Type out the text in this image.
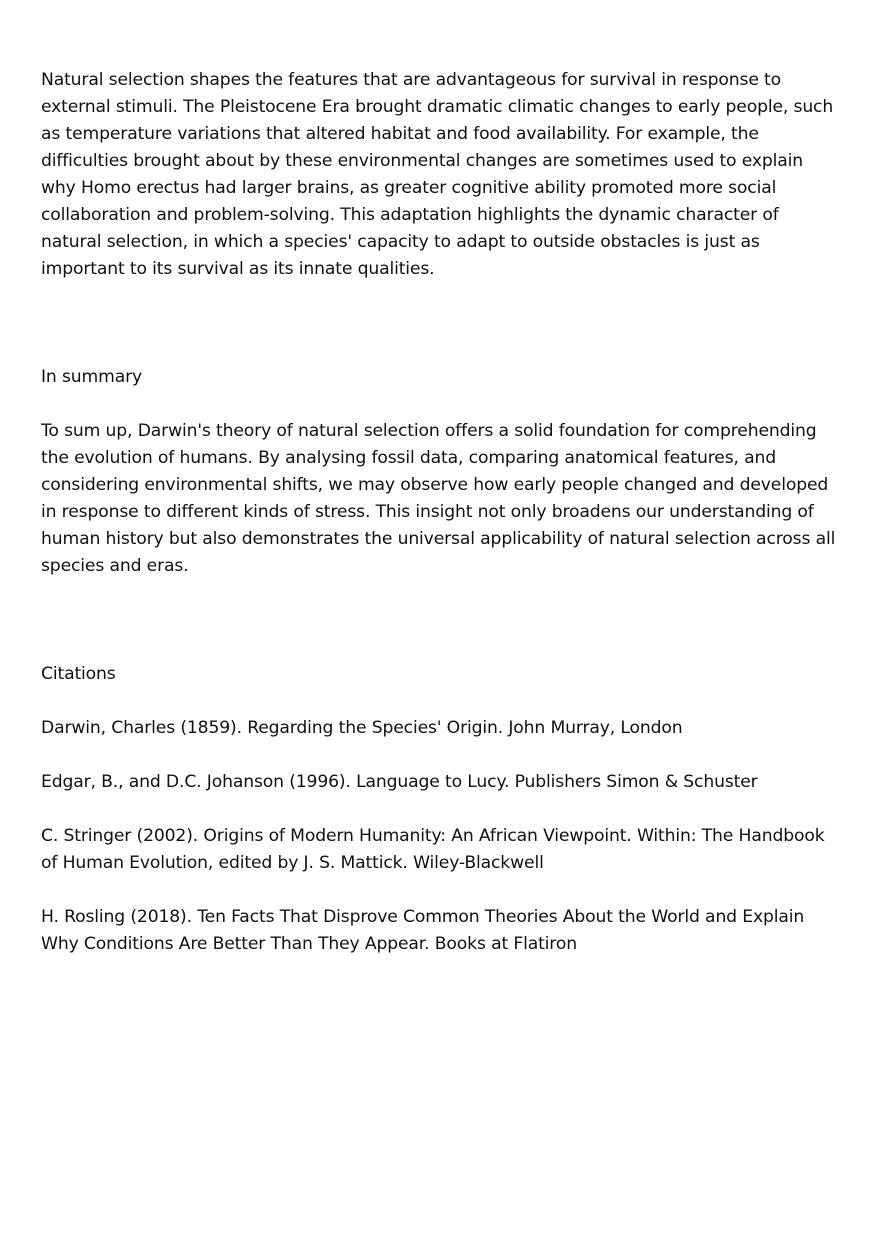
Natural selection shapes the features that are advantageous for survival in response to external stimuli. The Pleistocene Era brought dramatic climatic changes to early people, such as temperature variations that altered habitat and food availability. For example, the difficulties brought about by these environmental changes are sometimes used to explain why Homo erectus had larger brains, as greater cognitive ability promoted more social collaboration and problem-solving. This adaptation highlights the dynamic character of natural selection, in which a species' capacity to adapt to outside obstacles is just as important to its survival as its innate qualities.

In summary

To sum up, Darwin's theory of natural selection offers a solid foundation for comprehending the evolution of humans. By analysing fossil data, comparing anatomical features, and considering environmental shifts, we may observe how early people changed and developed in response to different kinds of stress. This insight not only broadens our understanding of human history but also demonstrates the universal applicability of natural selection across all species and eras.

Citations

Darwin, Charles (1859). Regarding the Species' Origin. John Murray, London

Edgar, B., and D.C. Johanson (1996). Language to Lucy. Publishers Simon & Schuster

C. Stringer (2002). Origins of Modern Humanity: An African Viewpoint. Within: The Handbook of Human Evolution, edited by J. S. Mattick. Wiley-Blackwell

H. Rosling (2018). Ten Facts That Disprove Common Theories About the World and Explain Why Conditions Are Better Than They Appear. Books at Flatiron
